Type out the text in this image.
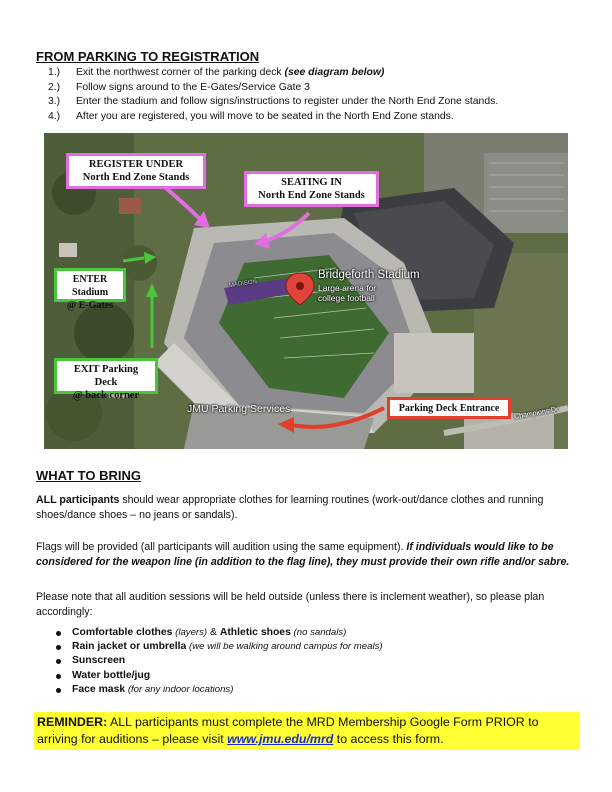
FROM PARKING TO REGISTRATION
1.)	Exit the northwest corner of the parking deck (see diagram below)
2.)	Follow signs around to the E-Gates/Service Gate 3
3.)	Enter the stadium and follow signs/instructions to register under the North End Zone stands.
4.)	After you are registered, you will move to be seated in the North End Zone stands.
REGISTER UNDER
North End Zone Stands	SEATING IN
North End Zone Stands
ENTER Stadium
@ E-Gates
EXIT Parking Deck
@ back corner
Parking Deck Entrance
Bridgeforth Stadium
Large arena for
college football
JMU Parking Services
MADISON
Champions Dr
WHAT TO BRING

ALL participants should wear appropriate clothes for learning routines (work-out/dance clothes and running shoes/dance shoes – no jeans or sandals).

Flags will be provided (all participants will audition using the same equipment). If individuals would like to be considered for the weapon line (in addition to the flag line), they must provide their own rifle and/or sabre.

Please note that all audition sessions will be held outside (unless there is inclement weather), so please plan accordingly:

Comfortable clothes (layers) & Athletic shoes (no sandals)
Rain jacket or umbrella (we will be walking around campus for meals)
Sunscreen
Water bottle/jug
Face mask (for any indoor locations)
REMINDER: ALL participants must complete the MRD Membership Google Form PRIOR to arriving for auditions – please visit www.jmu.edu/mrd to access this form.
